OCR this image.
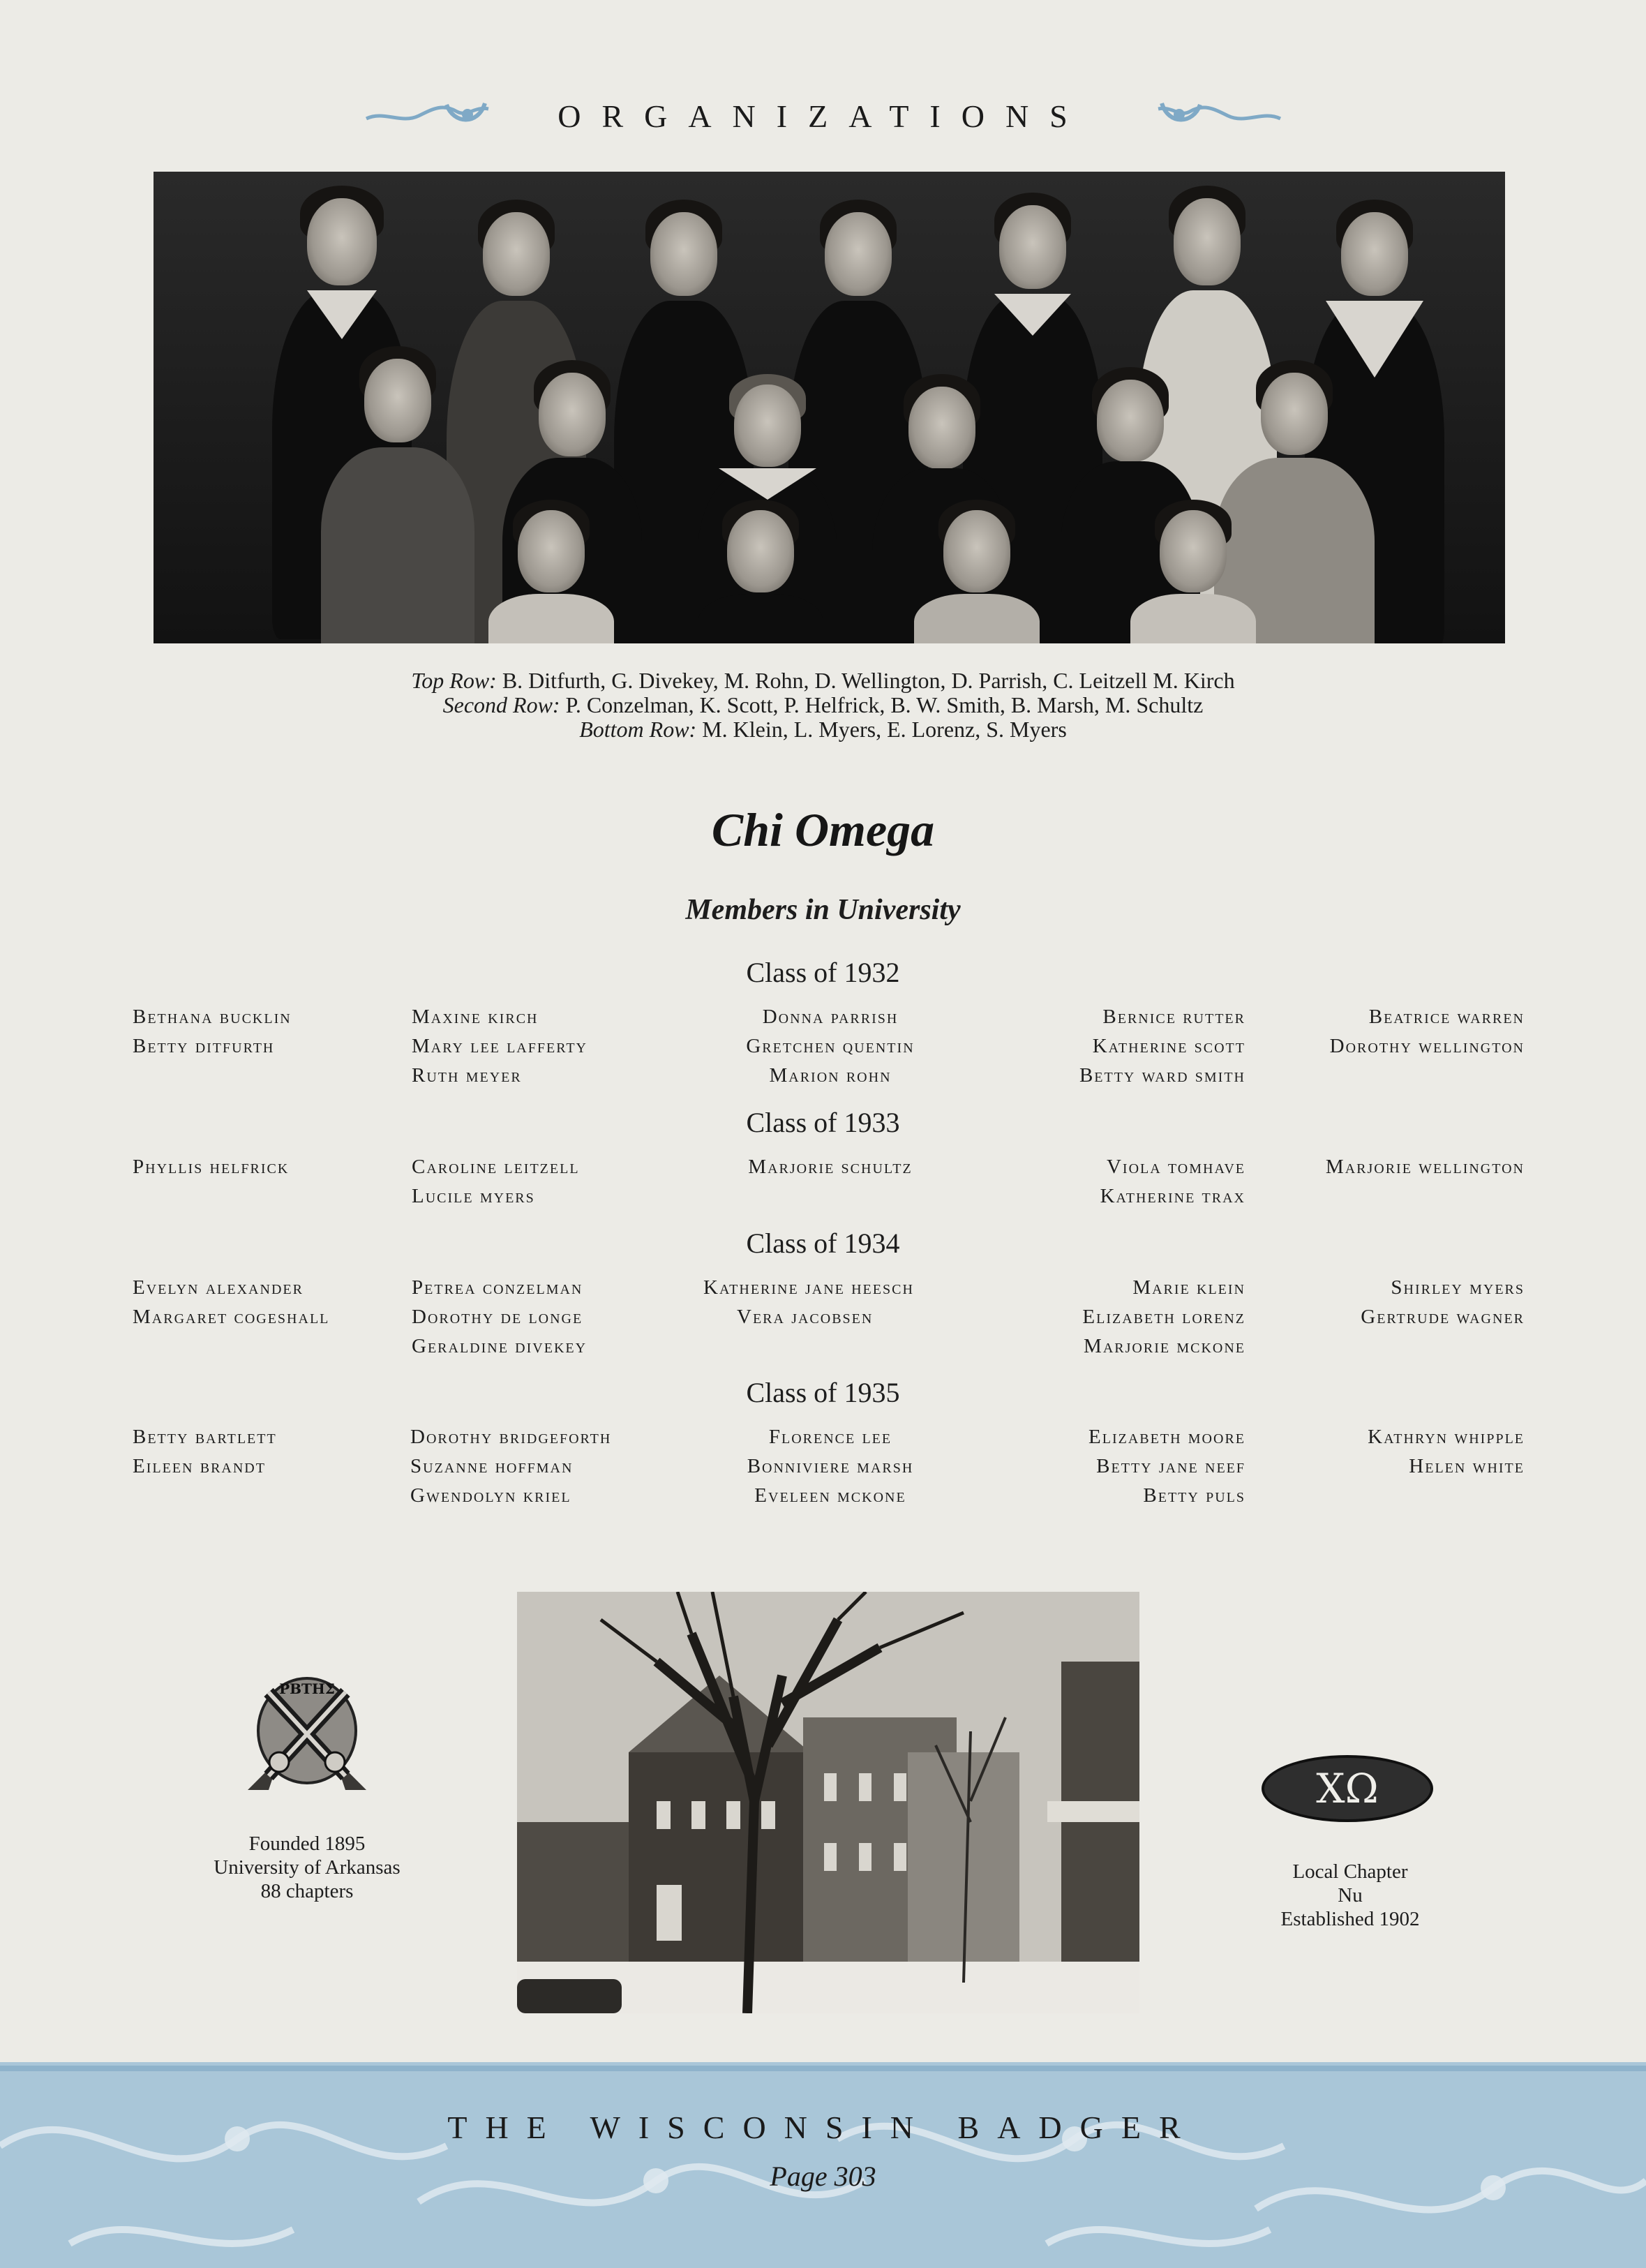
ORGANIZATIONS
Top Row: B. Ditfurth, G. Divekey, M. Rohn, D. Wellington, D. Parrish, C. Leitzell M. Kirch
Second Row: P. Conzelman, K. Scott, P. Helfrick, B. W. Smith, B. Marsh, M. Schultz
Bottom Row: M. Klein, L. Myers, E. Lorenz, S. Myers
Chi Omega
Members in University
Class of 1932
Bethana bucklin
Betty ditfurth
Maxine kirch
Mary lee lafferty
Ruth meyer
Donna parrish
Gretchen quentin
Marion rohn
Bernice rutter
Katherine scott
Betty ward smith
Beatrice warren
Dorothy wellington
Class of 1933
Phyllis helfrick	caroline leitzell
Lucile myers
Marjorie schultz	viola tomhave
Katherine trax
Marjorie wellington
Class of 1934
Evelyn alexander
Margaret cogeshall
Petrea conzelman
Dorothy de longe
Geraldine divekey
Katherine jane heesch
Vera jacobsen
Marie klein
Elizabeth lorenz
Marjorie mckone
Shirley myers
Gertrude wagner
Class of 1935
Betty bartlett
Eileen brandt
Dorothy bridgeforth
Suzanne hoffman
Gwendolyn kriel
Florence lee
Bonniviere marsh
Eveleen mckone
Elizabeth moore
Betty jane neef
Betty puls
Kathryn whipple
Helen white
ΡΒΤΗΣ
Founded 1895
University of Arkansas
88 chapters
ΧΩ
Local Chapter
Nu
Established 1902
THE WISCONSIN BADGER
Page 303
